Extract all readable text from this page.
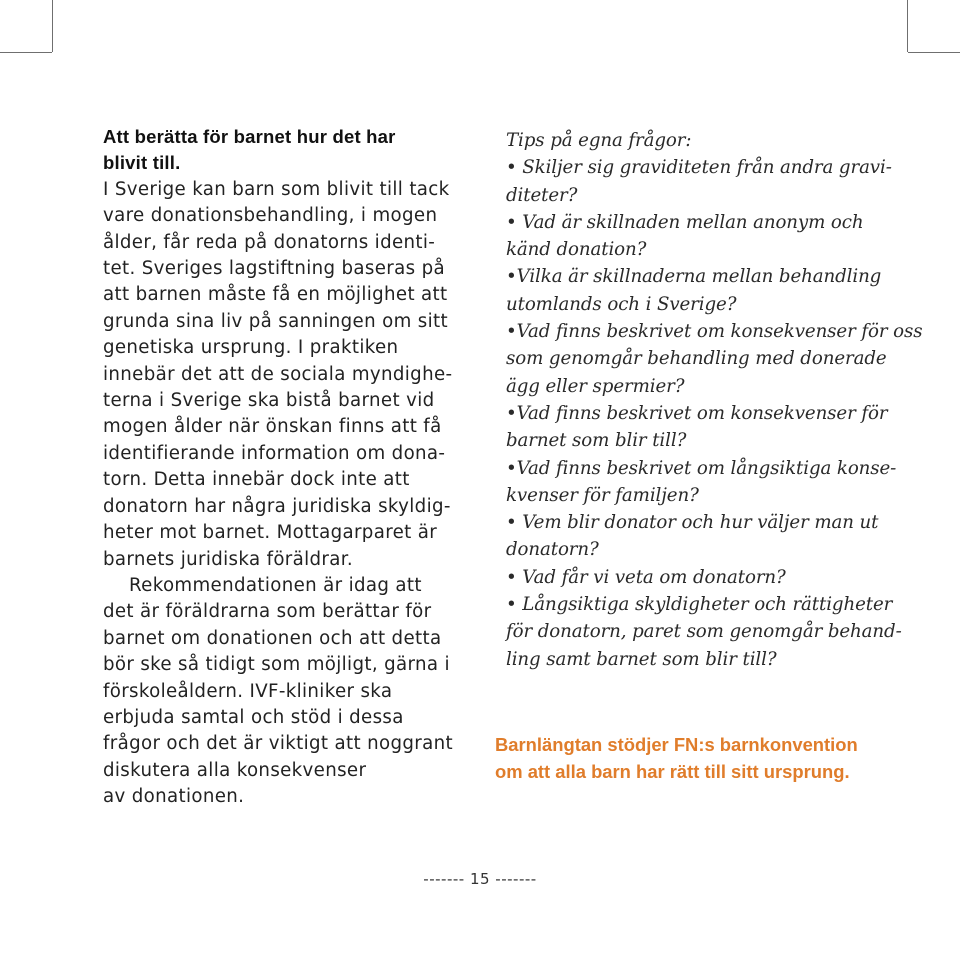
Att berätta för barnet hur det har
blivit till.

I Sverige kan barn som blivit till tack
vare donationsbehandling, i mogen
ålder, får reda på donatorns identi-
tet. Sveriges lagstiftning baseras på
att barnen måste få en möjlighet att
grunda sina liv på sanningen om sitt
genetiska ursprung. I praktiken
innebär det att de sociala myndighe-
terna i Sverige ska bistå barnet vid
mogen ålder när önskan finns att få
identifierande information om dona-
torn. Detta innebär dock inte att
donatorn har några juridiska skyldig-
heter mot barnet. Mottagarparet är
barnets juridiska föräldrar.

Rekommendationen är idag att
det är föräldrarna som berättar för
barnet om donationen och att detta
bör ske så tidigt som möjligt, gärna i
förskoleåldern. IVF-kliniker ska
erbjuda samtal och stöd i dessa
frågor och det är viktigt att noggrant
diskutera alla konsekvenser
av donationen.

Tips på egna frågor:

• Skiljer sig graviditeten från andra gravi-
diteter?
• Vad är skillnaden mellan anonym och
känd donation?
•Vilka är skillnaderna mellan behandling
utomlands och i Sverige?
•Vad finns beskrivet om konsekvenser för oss
som genomgår behandling med donerade
ägg eller spermier?
•Vad finns beskrivet om konsekvenser för
barnet som blir till?
•Vad finns beskrivet om långsiktiga konse-
kvenser för familjen?
• Vem blir donator och hur väljer man ut
donatorn?
• Vad får vi veta om donatorn?
• Långsiktiga skyldigheter och rättigheter
för donatorn, paret som genomgår behand-
ling samt barnet som blir till?
Barnlängtan stödjer FN:s barnkonvention
om att alla barn har rätt till sitt ursprung.
------- 15 -------
